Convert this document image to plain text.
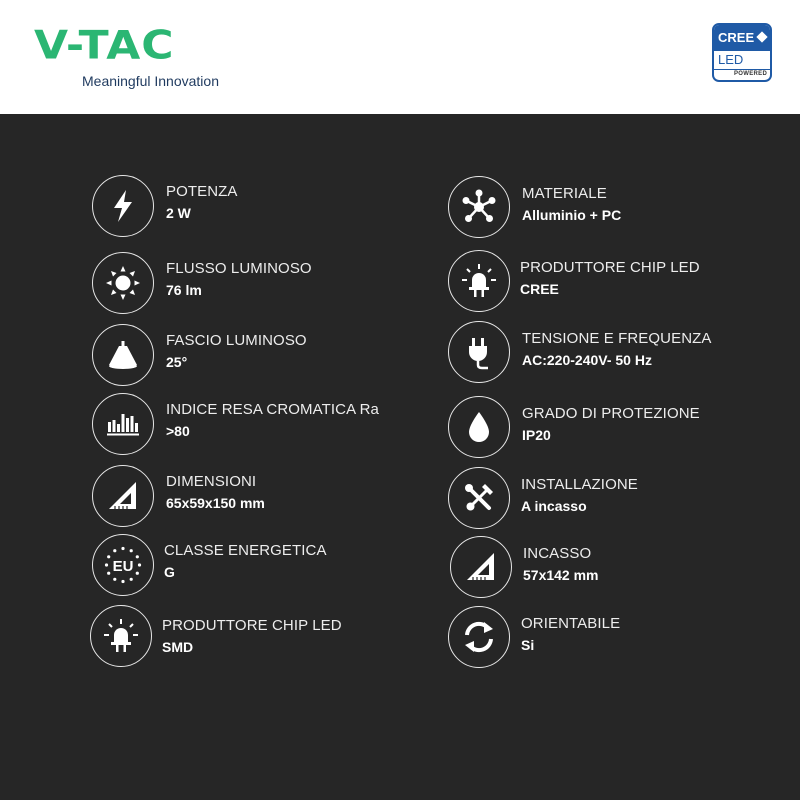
V-TAC
Meaningful Innovation
CREE
LED
POWERED
POTENZA
2 W
FLUSSO LUMINOSO
76 lm
FASCIO LUMINOSO
25°
INDICE RESA CROMATICA Ra
>80
DIMENSIONI
65x59x150 mm
EU
CLASSE ENERGETICA
G
PRODUTTORE CHIP LED
SMD
MATERIALE
Alluminio + PC
PRODUTTORE CHIP LED
CREE
TENSIONE E FREQUENZA
AC:220-240V- 50 Hz
GRADO DI PROTEZIONE
IP20
INSTALLAZIONE
A incasso
INCASSO
57x142 mm
ORIENTABILE
Si
